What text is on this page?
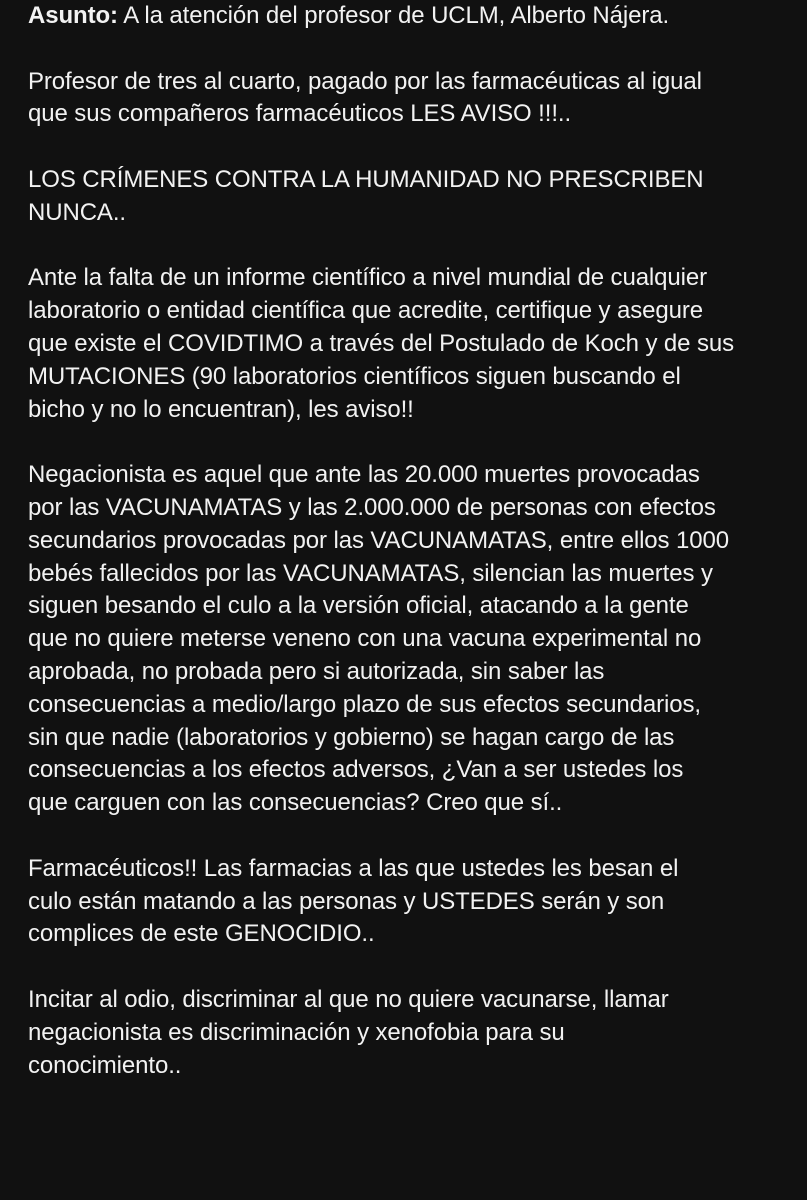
Asunto: A la atención del profesor de UCLM, Alberto Nájera.

Profesor de tres al cuarto, pagado por las farmacéuticas al igual
que sus compañeros farmacéuticos LES AVISO !!!..

LOS CRÍMENES CONTRA LA HUMANIDAD NO PRESCRIBEN
NUNCA..

Ante la falta de un informe científico a nivel mundial de cualquier
laboratorio o entidad científica que acredite, certifique y asegure
que existe el COVIDTIMO a través del Postulado de Koch y de sus
MUTACIONES (90 laboratorios científicos siguen buscando el
bicho y no lo encuentran), les aviso!!

Negacionista es aquel que ante las 20.000 muertes provocadas
por las VACUNAMATAS y las 2.000.000 de personas con efectos
secundarios provocadas por las VACUNAMATAS, entre ellos 1000
bebés fallecidos por las VACUNAMATAS, silencian las muertes y
siguen besando el culo a la versión oficial, atacando a la gente
que no quiere meterse veneno con una vacuna experimental no
aprobada, no probada pero si autorizada, sin saber las
consecuencias a medio/largo plazo de sus efectos secundarios,
sin que nadie (laboratorios y gobierno) se hagan cargo de las
consecuencias a los efectos adversos, ¿Van a ser ustedes los
que carguen con las consecuencias? Creo que sí..

Farmacéuticos!! Las farmacias a las que ustedes les besan el
culo están matando a las personas y USTEDES serán y son
complices de este GENOCIDIO..

Incitar al odio, discriminar al que no quiere vacunarse, llamar
negacionista es discriminación y xenofobia para su
conocimiento..
